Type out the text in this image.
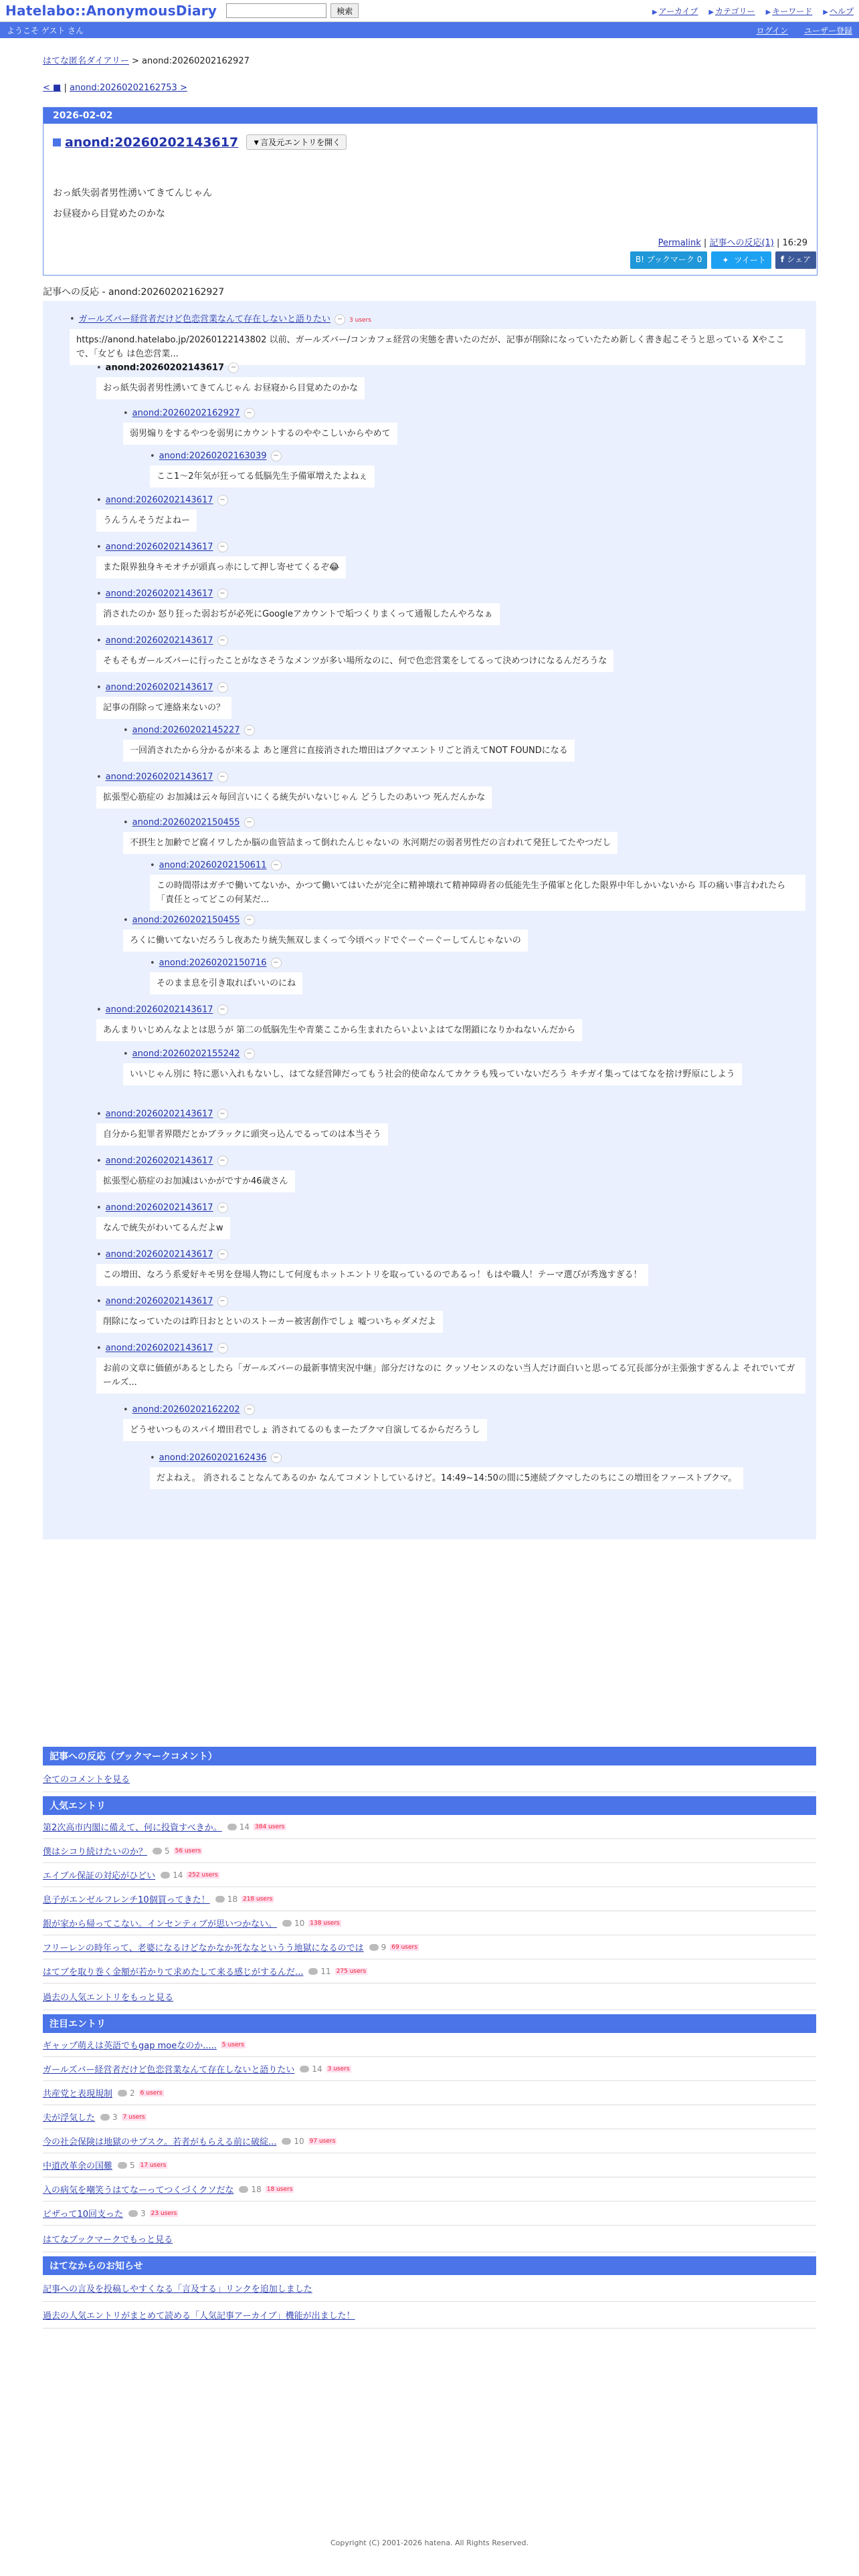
Hatelabo::AnonymousDiary	検索	▶ アーカイブ ▶ カテゴリー ▶ キーワード ▶ ヘルプ
ようこそ ゲスト さん	ログイン ユーザー登録
はてな匿名ダイアリー > anond:20260202162927
< ■ | anond:20260202162753 >
2026-02-02
anond:20260202143617	▼言及元エントリを開く
おっ紙失弱者男性湧いてきてんじゃん
お昼寝から目覚めたのかな
Permalink | 記事への反応(1) | 16:29
B! ブックマーク 0	✦ツイート	f シェア
記事への反応 - anond:20260202162927
• ガールズバー経営者だけど色恋営業なんて存在しないと語りたい − 3 users
https://anond.hatelabo.jp/20260122143802 以前、ガールズバー/コンカフェ経営の実態を書いたのだが、記事が削除になっていたため新しく書き起こそうと思っている Xやここで、「女ども は色恋営業...
• anond:20260202143617 −
おっ紙失弱者男性湧いてきてんじゃん お昼寝から目覚めたのかな
• anond:20260202162927 −
弱男煽りをするやつを弱男にカウントするのややこしいからやめて
• anond:20260202163039 −
ここ1〜2年気が狂ってる低脳先生予備軍増えたよねぇ
• anond:20260202143617 −
うんうんそうだよねー
• anond:20260202143617 −
また限界独身キモオチが頭真っ赤にして押し寄せてくるぞ😂
• anond:20260202143617 −
消されたのか 怒り狂った弱おぢが必死にGoogleアカウントで垢つくりまくって通報したんやろなぁ
• anond:20260202143617 −
そもそもガールズバーに行ったことがなさそうなメンツが多い場所なのに、何で色恋営業をしてるって決めつけになるんだろうな
• anond:20260202143617 −
記事の削除って連絡来ないの？
• anond:20260202145227 −
一回消されたから分かるが来るよ あと運営に直接消された増田はブクマエントリごと消えてNOT FOUNDになる
• anond:20260202143617 −
拡張型心筋症の お加減は云々毎回言いにくる統失がいないじゃん どうしたのあいつ 死んだんかな
• anond:20260202150455 −
不摂生と加齢でど腐イワしたか脳の血管詰まって倒れたんじゃないの 氷河期だの弱者男性だの言われて発狂してたやつだし
• anond:20260202150611 −
この時間帯はガチで働いてないか、かつて働いてはいたが完全に精神壊れて精神障碍者の低能先生予備軍と化した限界中年しかいないから 耳の痛い事言われたら「責任とってどこの何某だ...
• anond:20260202150455 −
ろくに働いてないだろうし夜あたり統失無双しまくって今頃ベッドでぐーぐーぐーしてんじゃないの
• anond:20260202150716 −
そのまま息を引き取ればいいのにね
• anond:20260202143617 −
あんまりいじめんなよとは思うが 第二の低脳先生や青葉ここから生まれたらいよいよはてな閉鎖になりかねないんだから
• anond:20260202155242 −
いいじゃん別に 特に悪い入れもないし、はてな経営陣だってもう社会的使命なんてカケラも残っていないだろう キチガイ集ってはてなを捨け野原にしよう
• anond:20260202143617 −
自分から犯罪者界隈だとかブラックに頭突っ込んでるってのは本当そう
• anond:20260202143617 −
拡張型心筋症のお加減はいかがですか46歳さん
• anond:20260202143617 −
なんで統失がわいてるんだよw
• anond:20260202143617 −
この増田、なろう系愛好キモ男を登場人物にして何度もホットエントリを取っているのであるっ！もはや職人！テーマ選びが秀逸すぎる！
• anond:20260202143617 −
削除になっていたのは昨日おとといのストーカー被害創作でしょ 嘘ついちゃダメだよ
• anond:20260202143617 −
お前の文章に価値があるとしたら「ガールズバーの最新事情実況中継」部分だけなのに クッソセンスのない当人だけ面白いと思ってる冗長部分が主張強すぎるんよ それでいてガールズ...
• anond:20260202162202 −
どうせいつものスパイ増田君でしょ 消されてるのもまーたブクマ自演してるからだろうし
• anond:20260202162436 −
だよねえ。 消されることなんてあるのか なんてコメントしているけど。14:49~14:50の間に5連続ブクマしたのちにこの増田をファーストブクマ。
記事への反応（ブックマークコメント）
全てのコメントを見る
人気エントリ
第2次高市内閣に備えて、何に投資すべきか。 14 384 users
僕はシコり続けたいのか？ 5 56 users
エイブル保証の対応がひどい 14 252 users
息子がエンゼルフレンチ10個買ってきた！ 18 218 users
銀が家から帰ってこない。インセンティブが思いつかない。 10 138 users
フリーレンの時年って、老婆になるけどなかなか死ななというう地獄になるのでは 9 69 users
はてブを取り巻く金額が若かりて求めたして来る感じがするんだ... 11 275 users
過去の人気エントリをもっと見る
注目エントリ
ギャップ萌えは英語でもgap moeなのか..... 5 users
ガールズバー経営者だけど色恋営業なんて存在しないと語りたい 14 3 users
共産党と表現規制 2 6 users
夫が浮気した 3 7 users
今の社会保険は地獄のサブスク。若者がもらえる前に破綻... 10 97 users
中道改革余の国難 5 17 users
入の病気を嘲笑うはてなーってつくづくクソだな 18 18 users
ビザって10回支った 3 23 users
はてなブックマークでもっと見る
はてなからのお知らせ
記事への言及を投稿しやすくなる「言及する」リンクを追加しました
過去の人気エントリがまとめて読める「人気記事アーカイブ」機能が出ました！
Copyright (C) 2001-2026 hatena. All Rights Reserved.
